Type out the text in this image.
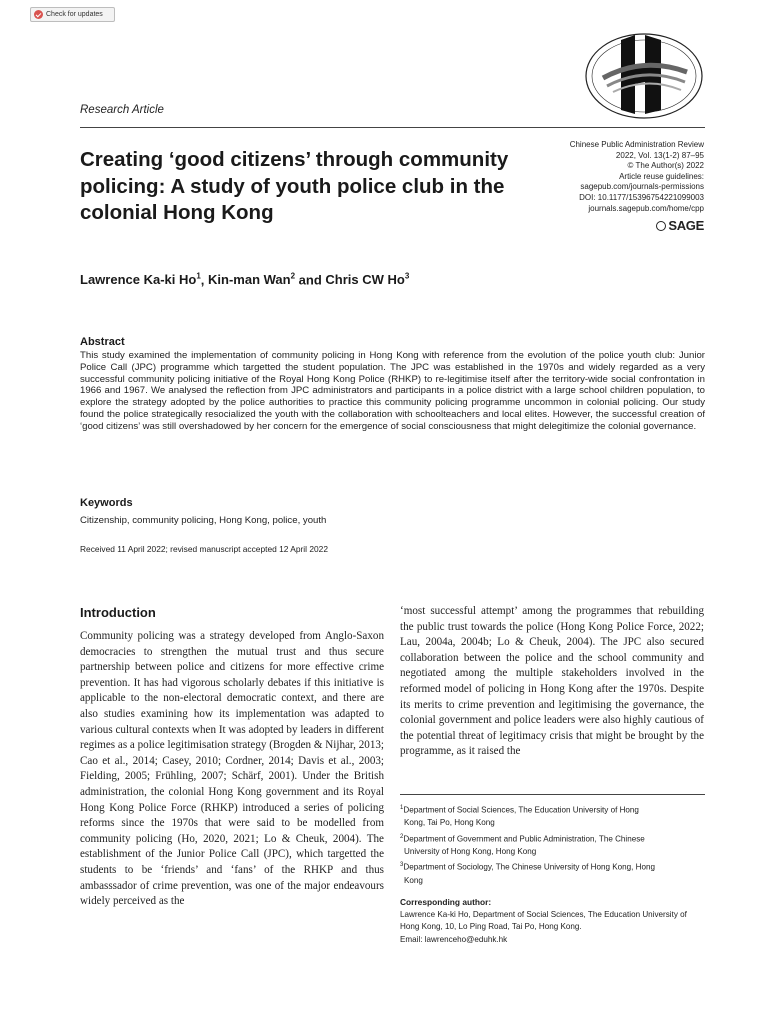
Check for updates
Research Article
Creating ‘good citizens’ through community policing: A study of youth police club in the colonial Hong Kong
Chinese Public Administration Review
2022, Vol. 13(1-2) 87–95
© The Author(s) 2022
Article reuse guidelines:
sagepub.com/journals-permissions
DOI: 10.1177/15396754221099003
journals.sagepub.com/home/cpp
SAGE
Lawrence Ka-ki Ho$^1$, Kin-man Wan$^2$ and Chris CW Ho$^3$
Abstract
This study examined the implementation of community policing in Hong Kong with reference from the evolution of the police youth club: Junior Police Call (JPC) programme which targetted the student population. The JPC was established in the 1970s and widely regarded as a very successful community policing initiative of the Royal Hong Kong Police (RHKP) to re-legitimise itself after the territory-wide social confrontation in 1966 and 1967. We analysed the reflection from JPC administrators and participants in a police district with a large school children population, to explore the strategy adopted by the police authorities to practice this community policing programme uncommon in colonial policing. Our study found the police strategically resocialized the youth with the collaboration with schoolteachers and local elites. However, the successful creation of ‘good citizens’ was still overshadowed by her concern for the emergence of social consciousness that might delegitimize the colonial governance.
Keywords
Citizenship, community policing, Hong Kong, police, youth
Received 11 April 2022; revised manuscript accepted 12 April 2022
Introduction
Community policing was a strategy developed from Anglo-Saxon democracies to strengthen the mutual trust and thus secure partnership between police and citizens for more effective crime prevention. It has had vigorous scholarly debates if this initiative is applicable to the non-electoral democratic context, and there are also studies examining how its implementation was adapted to various cultural contexts when It was adopted by leaders in different regimes as a police legitimisation strategy (Brogden & Nijhar, 2013; Cao et al., 2014; Casey, 2010; Cordner, 2014; Davis et al., 2003; Fielding, 2005; Frühling, 2007; Schärf, 2001). Under the British administration, the colonial Hong Kong government and its Royal Hong Kong Police Force (RHKP) introduced a series of policing reforms since the 1970s that were said to be modelled from community policing (Ho, 2020, 2021; Lo & Cheuk, 2004). The establishment of the Junior Police Call (JPC), which targetted the students to be ‘friends’ and ‘fans’ of the RHKP and thus ambasssador of crime prevention, was one of the major endeavours widely perceived as the
‘most successful attempt’ among the programmes that rebuilding the public trust towards the police (Hong Kong Police Force, 2022; Lau, 2004a, 2004b; Lo & Cheuk, 2004). The JPC also secured collaboration between the police and the school community and negotiated among the multiple stakeholders involved in the reformed model of policing in Hong Kong after the 1970s. Despite its merits to crime prevention and legitimising the governance, the colonial government and police leaders were also highly cautious of the potential threat of legitimacy crisis that might be brought by the programme, as it raised the
$^1$Department of Social Sciences, The Education University of Hong
Kong, Tai Po, Hong Kong
$^2$Department of Government and Public Administration, The Chinese
University of Hong Kong, Hong Kong
$^3$Department of Sociology, The Chinese University of Hong Kong, Hong
Kong
Corresponding author:
Lawrence Ka-ki Ho, Department of Social Sciences, The Education University of Hong Kong, 10, Lo Ping Road, Tai Po, Hong Kong.
Email: lawrenceho@eduhk.hk
